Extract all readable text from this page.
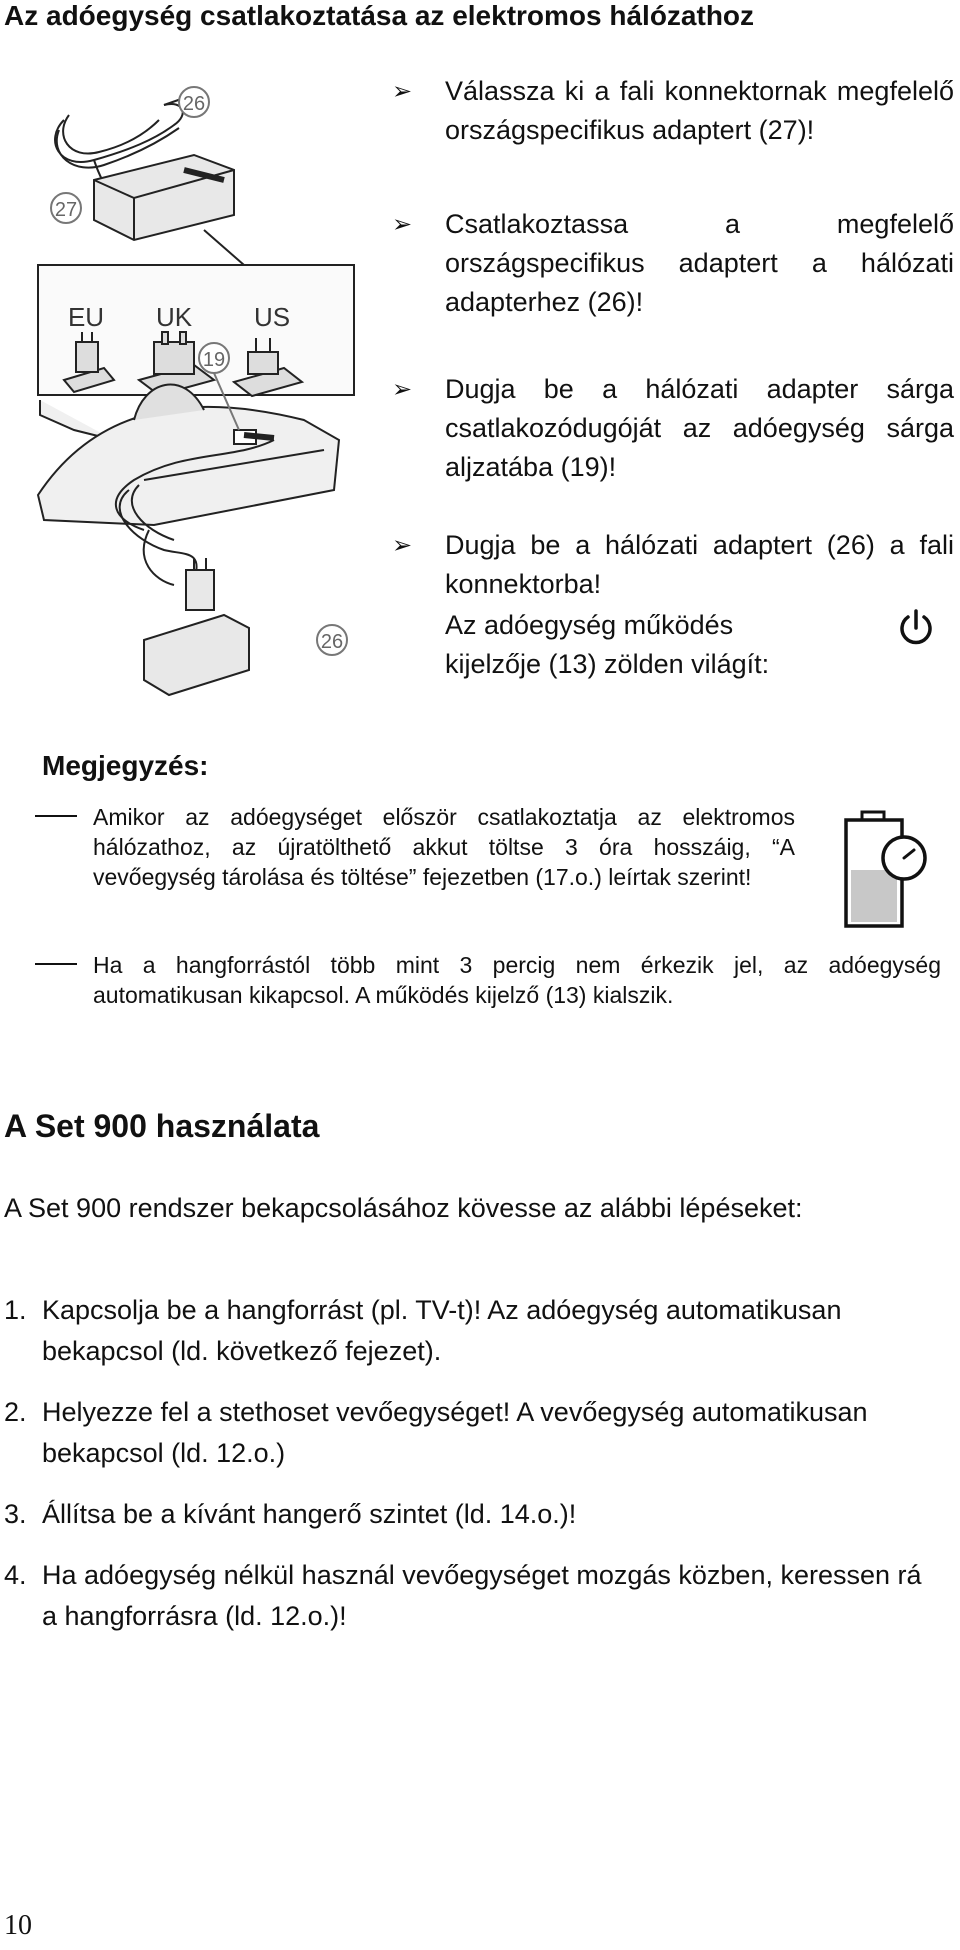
Az adóegység csatlakoztatása az elektromos hálózathoz
26
27
EU UK US
19
26
➢ Válassza ki a fali konnektornak megfelelő országspecifikus adaptert (27)!
➢ Csatlakoztassa a megfelelő országspecifikus adaptert a hálózati adapterhez (26)!
➢ Dugja be a hálózati adapter sárga csatlakozódugóját az adóegység sárga aljzatába (19)!
➢ Dugja be a hálózati adaptert (26) a fali konnektorba!
Az adóegység működés
kijelzője (13) zölden világít:
Megjegyzés:
Amikor az adóegységet először csatlakoztatja az elektromos hálózathoz, az újratölthető akkut töltse 3 óra hosszáig, “A vevőegység tárolása és töltése” fejezetben (17.o.) leírtak szerint!
Ha a hangforrástól több mint 3 percig nem érkezik jel, az adóegység automatikusan kikapcsol. A működés kijelző (13) kialszik.
A Set 900 használata
A Set 900 rendszer bekapcsolásához kövesse az alábbi lépéseket:
1. Kapcsolja be a hangforrást (pl. TV-t)! Az adóegység automatikusan bekapcsol (ld. következő fejezet).
2. Helyezze fel a stethoset vevőegységet! A vevőegység automatikusan bekapcsol (ld. 12.o.)
3. Állítsa be a kívánt hangerő szintet (ld. 14.o.)!
4. Ha adóegység nélkül használ vevőegységet mozgás közben, keressen rá a hangforrásra (ld. 12.o.)!
10
